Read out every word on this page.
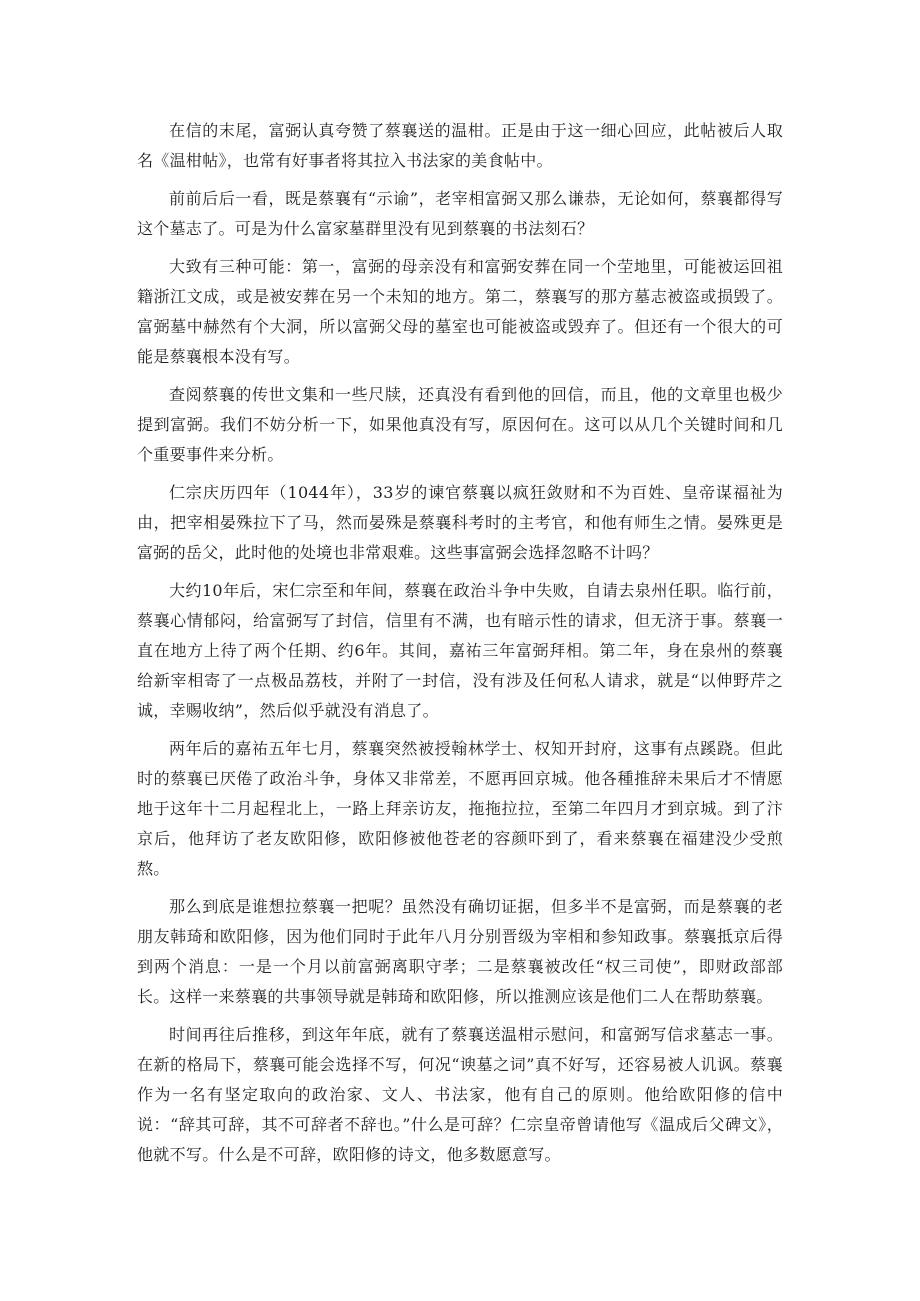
在信的末尾，富弼认真夸赞了蔡襄送的温柑。正是由于这一细心回应，此帖被后人取名《温柑帖》，也常有好事者将其拉入书法家的美食帖中。

前前后后一看，既是蔡襄有“示谕”，老宰相富弼又那么谦恭，无论如何，蔡襄都得写这个墓志了。可是为什么富家墓群里没有见到蔡襄的书法刻石？

大致有三种可能：第一，富弼的母亲没有和富弼安葬在同一个茔地里，可能被运回祖籍浙江文成，或是被安葬在另一个未知的地方。第二，蔡襄写的那方墓志被盗或损毁了。富弼墓中赫然有个大洞，所以富弼父母的墓室也可能被盗或毁弃了。但还有一个很大的可能是蔡襄根本没有写。

查阅蔡襄的传世文集和一些尺牍，还真没有看到他的回信，而且，他的文章里也极少提到富弼。我们不妨分析一下，如果他真没有写，原因何在。这可以从几个关键时间和几个重要事件来分析。

仁宗庆历四年（1044年），33岁的谏官蔡襄以疯狂敛财和不为百姓、皇帝谋福祉为由，把宰相晏殊拉下了马，然而晏殊是蔡襄科考时的主考官，和他有师生之情。晏殊更是富弼的岳父，此时他的处境也非常艰难。这些事富弼会选择忽略不计吗？

大约10年后，宋仁宗至和年间，蔡襄在政治斗争中失败，自请去泉州任职。临行前，蔡襄心情郁闷，给富弼写了封信，信里有不满，也有暗示性的请求，但无济于事。蔡襄一直在地方上待了两个任期、约6年。其间，嘉祐三年富弼拜相。第二年，身在泉州的蔡襄给新宰相寄了一点极品荔枝，并附了一封信，没有涉及任何私人请求，就是“以伸野芹之诚，幸赐收纳”，然后似乎就没有消息了。

两年后的嘉祐五年七月，蔡襄突然被授翰林学士、权知开封府，这事有点蹊跷。但此时的蔡襄已厌倦了政治斗争，身体又非常差，不愿再回京城。他各種推辞未果后才不情愿地于这年十二月起程北上，一路上拜亲访友，拖拖拉拉，至第二年四月才到京城。到了汴京后，他拜访了老友欧阳修，欧阳修被他苍老的容颜吓到了，看来蔡襄在福建没少受煎熬。

那么到底是谁想拉蔡襄一把呢？虽然没有确切证据，但多半不是富弼，而是蔡襄的老朋友韩琦和欧阳修，因为他们同时于此年八月分别晋级为宰相和参知政事。蔡襄抵京后得到两个消息：一是一个月以前富弼离职守孝；二是蔡襄被改任“权三司使”，即财政部部长。这样一来蔡襄的共事领导就是韩琦和欧阳修，所以推测应该是他们二人在帮助蔡襄。

时间再往后推移，到这年年底，就有了蔡襄送温柑示慰问，和富弼写信求墓志一事。在新的格局下，蔡襄可能会选择不写，何况“谀墓之词”真不好写，还容易被人讥讽。蔡襄作为一名有坚定取向的政治家、文人、书法家，他有自己的原则。他给欧阳修的信中说：“辞其可辞，其不可辞者不辞也。”什么是可辞？仁宗皇帝曾请他写《温成后父碑文》，他就不写。什么是不可辞，欧阳修的诗文，他多数愿意写。
